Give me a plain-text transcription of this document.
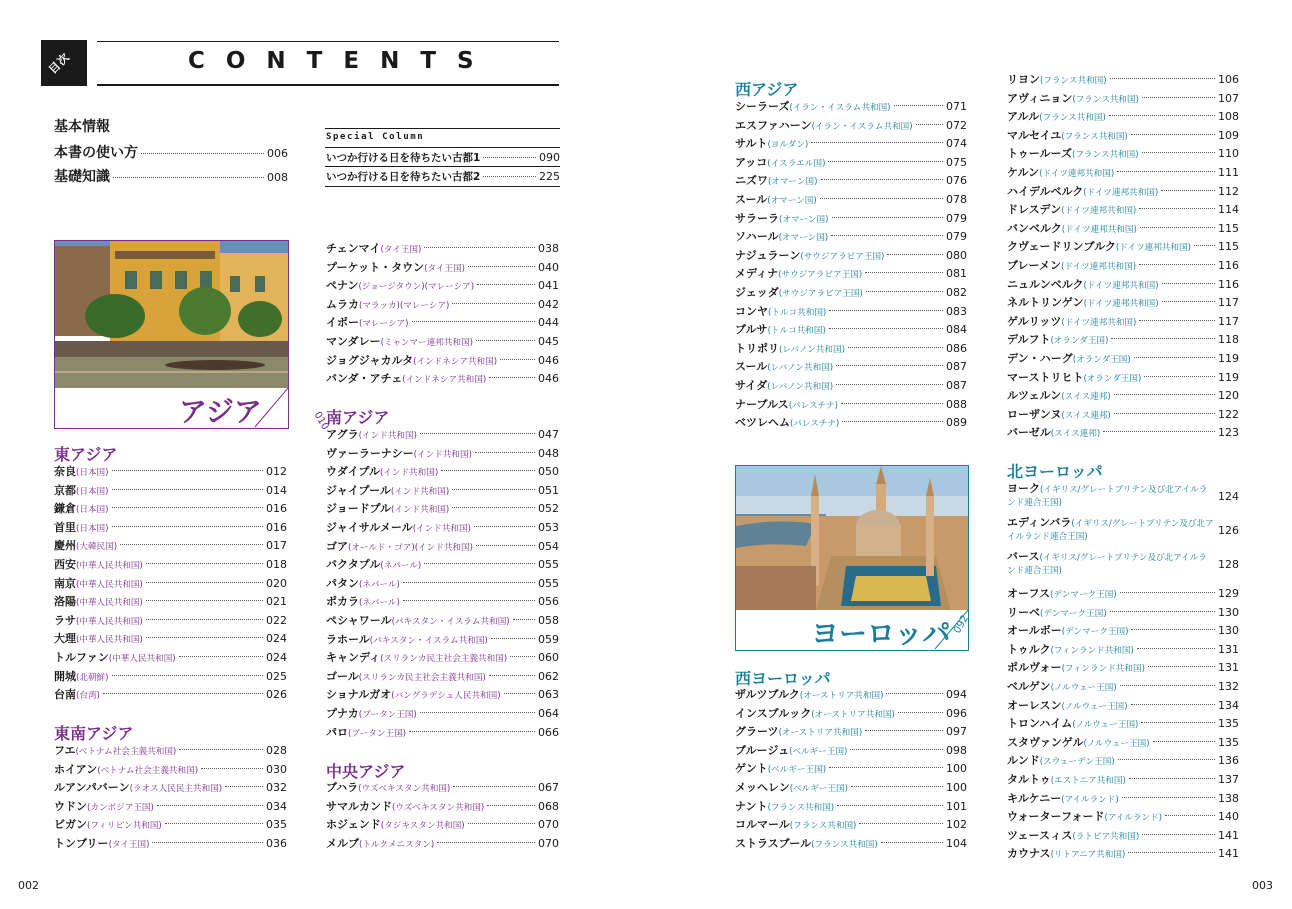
目次	CONTENTS
基本情報
本書の使い方	006
基礎知識	008
Special Column
いつか行ける日を待ちたい古都1	090
いつか行ける日を待ちたい古都2	225
アジア	010
東アジア
奈良 (日本国)	012
京都 (日本国)	014
鎌倉 (日本国)	016
首里 (日本国)	016
慶州 (大韓民国)	017
西安 (中華人民共和国)	018
南京 (中華人民共和国)	020
洛陽 (中華人民共和国)	021
ラサ (中華人民共和国)	022
大理 (中華人民共和国)	024
トルファン (中華人民共和国)	024
開城 (北朝鮮)	025
台南 (台湾)	026
東南アジア
フエ (ベトナム社会主義共和国)	028
ホイアン (ベトナム社会主義共和国)	030
ルアンパバーン (ラオス人民民主共和国)	032
ウドン (カンボジア王国)	034
ビガン (フィリピン共和国)	035
トンブリー (タイ王国)	036
チェンマイ (タイ王国)	038
プーケット・タウン (タイ王国)	040
ペナン (ジョージタウン)(マレーシア)	041
ムラカ (マラッカ)(マレーシア)	042
イポー (マレーシア)	044
マンダレー (ミャンマー連邦共和国)	045
ジョグジャカルタ (インドネシア共和国)	046
バンダ・アチェ (インドネシア共和国)	046
南アジア
アグラ (インド共和国)	047
ヴァーラーナシー (インド共和国)	048
ウダイプル (インド共和国)	050
ジャイプール (インド共和国)	051
ジョードプル (インド共和国)	052
ジャイサルメール (インド共和国)	053
ゴア (オールド・ゴア)(インド共和国)	054
バクタプル (ネパール)	055
パタン (ネパール)	055
ポカラ (ネパール)	056
ペシャワール (パキスタン・イスラム共和国)	058
ラホール (パキスタン・イスラム共和国)	059
キャンディ (スリランカ民主社会主義共和国)	060
ゴール (スリランカ民主社会主義共和国)	062
ショナルガオ (バングラデシュ人民共和国)	063
プナカ (ブータン王国)	064
パロ (ブータン王国)	066
中央アジア
ブハラ (ウズベキスタン共和国)	067
サマルカンド (ウズベキスタン共和国)	068
ホジェンド (タジキスタン共和国)	070
メルブ (トルクメニスタン)	070
002
西アジア
シーラーズ (イラン・イスラム共和国)	071
エスファハーン (イラン・イスラム共和国)	072
サルト (ヨルダン)	074
アッコ (イスラエル国)	075
ニズワ (オマーン国)	076
スール (オマーン国)	078
サラーラ (オマーン国)	079
ソハール (オマーン国)	079
ナジュラーン (サウジアラビア王国)	080
メディナ (サウジアラビア王国)	081
ジェッダ (サウジアラビア王国)	082
コンヤ (トルコ共和国)	083
ブルサ (トルコ共和国)	084
トリポリ (レバノン共和国)	086
スール (レバノン共和国)	087
サイダ (レバノン共和国)	087
ナーブルス (パレスチナ)	088
ベツレヘム (パレスチナ)	089
ヨーロッパ 092
西ヨーロッパ
ザルツブルク (オーストリア共和国)	094
インスブルック (オーストリア共和国)	096
グラーツ (オーストリア共和国)	097
ブルージュ (ベルギー王国)	098
ゲント (ベルギー王国)	100
メッヘレン (ベルギー王国)	100
ナント (フランス共和国)	101
コルマール (フランス共和国)	102
ストラスブール (フランス共和国)	104
リヨン (フランス共和国)	106
アヴィニョン (フランス共和国)	107
アルル (フランス共和国)	108
マルセイユ (フランス共和国)	109
トゥールーズ (フランス共和国)	110
ケルン (ドイツ連邦共和国)	111
ハイデルベルク (ドイツ連邦共和国)	112
ドレスデン (ドイツ連邦共和国)	114
バンベルク (ドイツ連邦共和国)	115
クヴェードリンブルク (ドイツ連邦共和国) 115
ブレーメン (ドイツ連邦共和国)	116
ニュルンベルク (ドイツ連邦共和国)	116
ネルトリンゲン (ドイツ連邦共和国)	117
ゲルリッツ (ドイツ連邦共和国)	117
デルフト (オランダ王国)	118
デン・ハーグ (オランダ王国)	119
マーストリヒト (オランダ王国)	119
ルツェルン (スイス連邦)	120
ローザンヌ (スイス連邦)	122
バーゼル (スイス連邦)	123
北ヨーロッパ
ヨーク(イギリス/グレートブリテン及び北アイルランド連合王国)	124
エディンバラ(イギリス/グレートブリテン及び北アイルランド連合王国)	126
バース(イギリス/グレートブリテン及び北アイルランド連合王国)	128
オーフス (デンマーク王国)	129
リーベ (デンマーク王国)	130
オールボー (デンマーク王国)	130
トゥルク (フィンランド共和国)	131
ポルヴォー (フィンランド共和国)	131
ベルゲン (ノルウェー王国)	132
オーレスン (ノルウェー王国)	134
トロンハイム (ノルウェー王国)	135
スタヴァンゲル (ノルウェー王国)	135
ルンド (スウェーデン王国)	136
タルトゥ (エストニア共和国)	137
キルケニー (アイルランド)	138
ウォーターフォード (アイルランド)	140
ツェースィス (ラトビア共和国)	141
カウナス (リトアニア共和国)	141
003
